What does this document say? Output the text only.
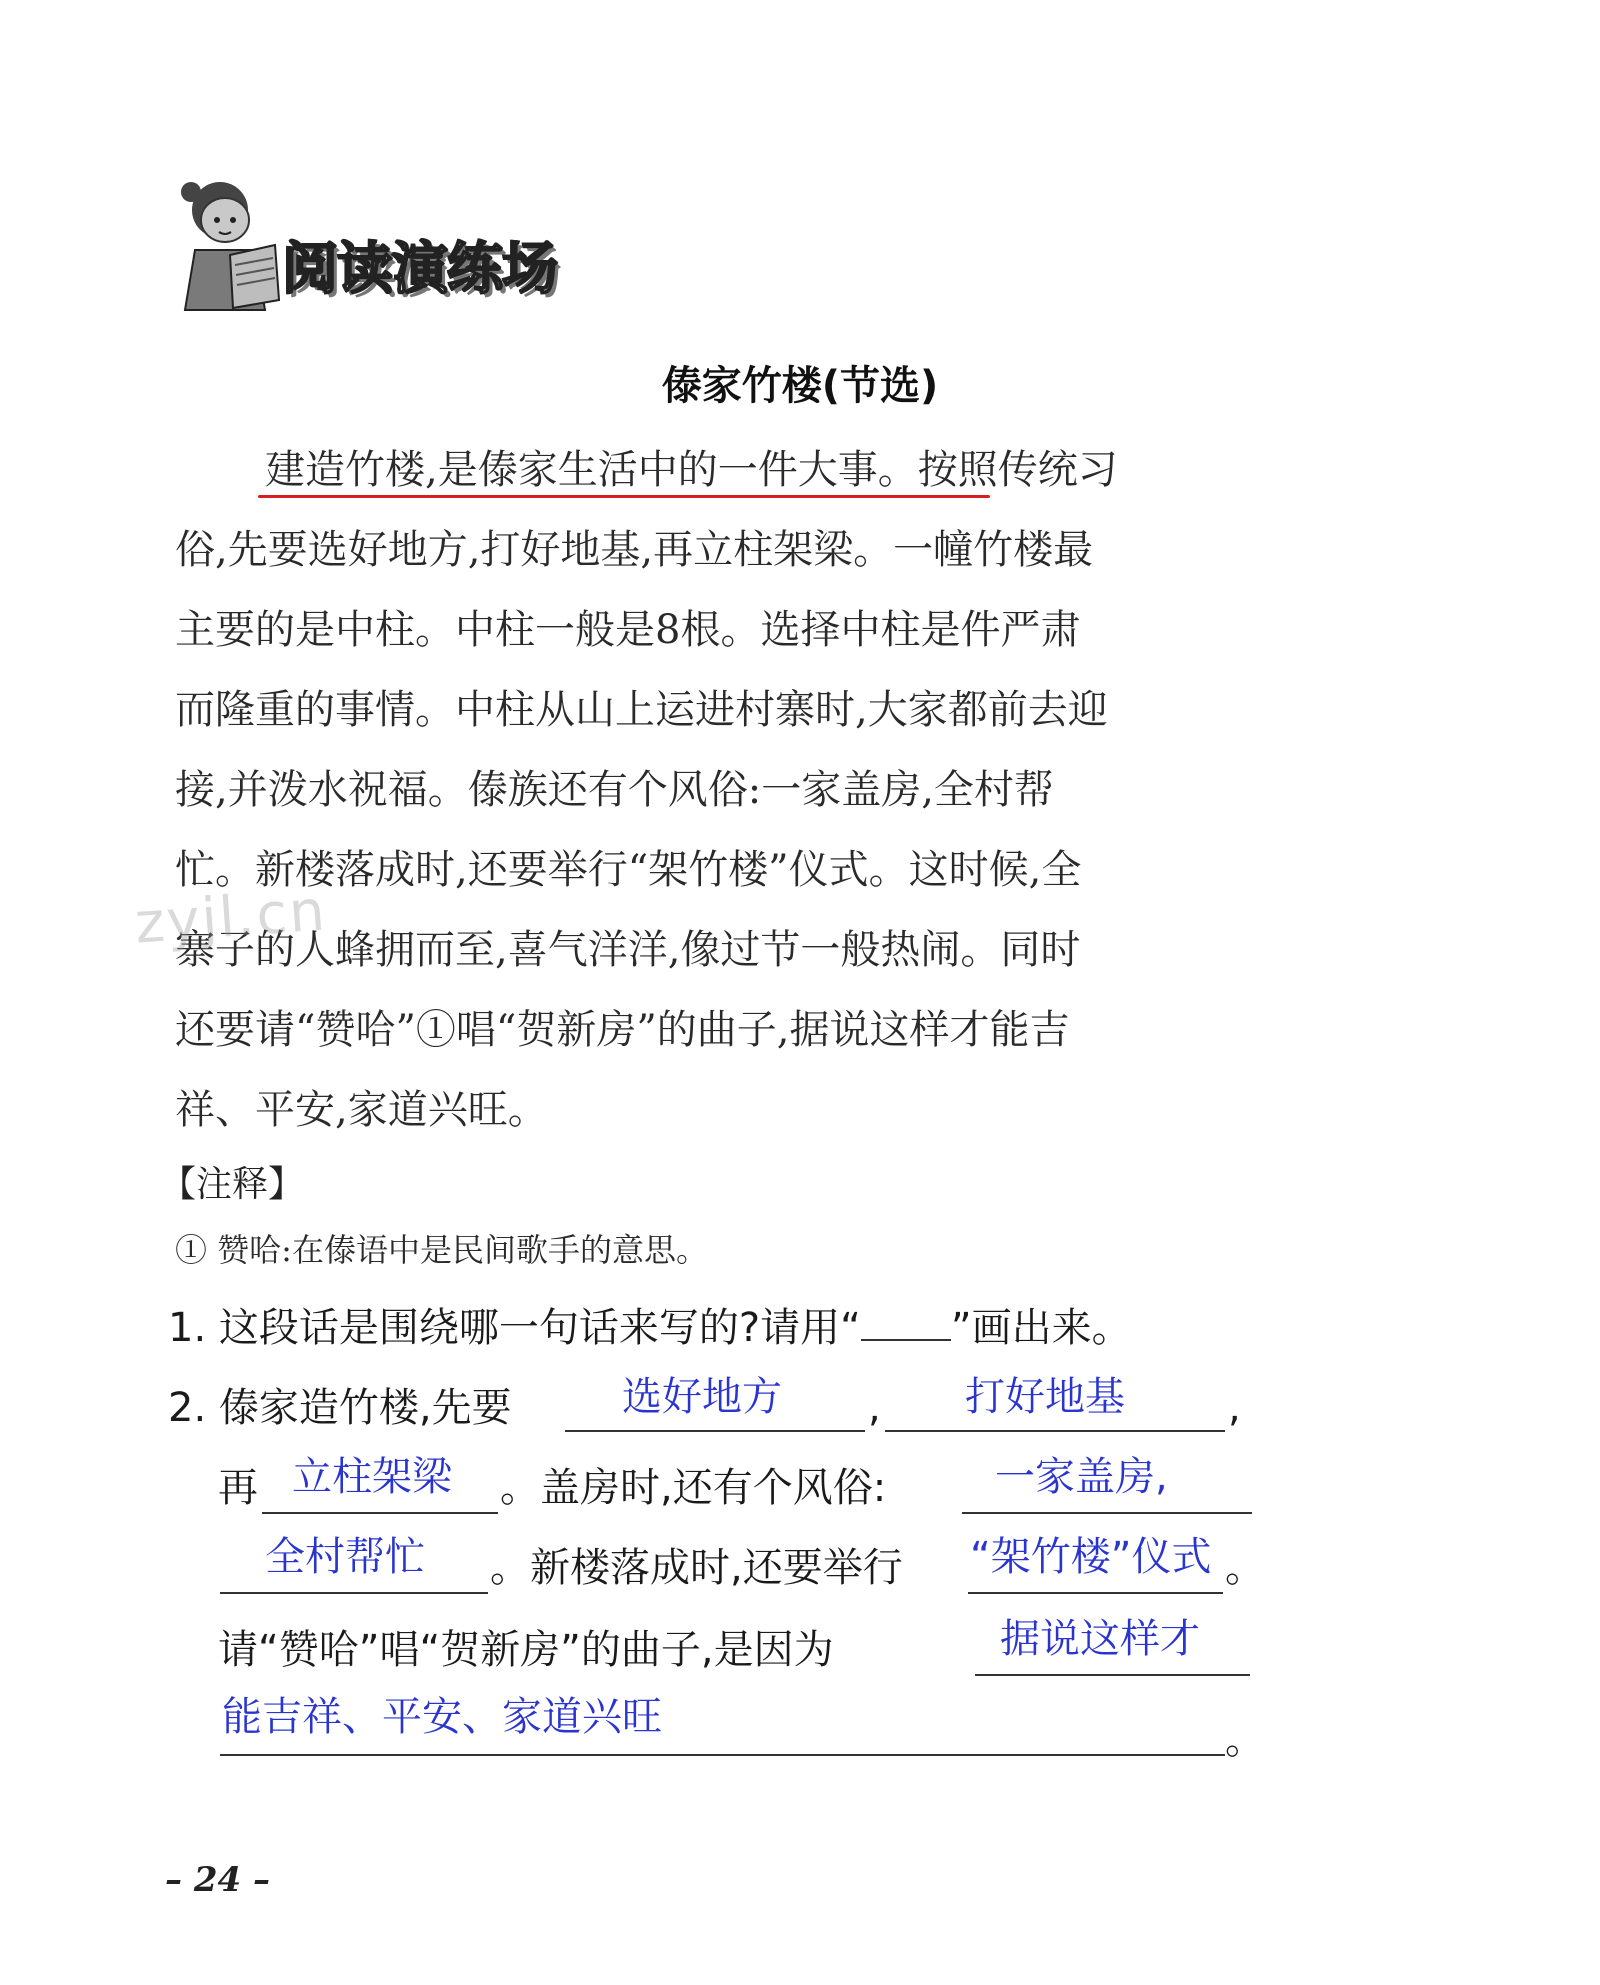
阅读演练场
傣家竹楼(节选)
建造竹楼,是傣家生活中的一件大事。按照传统习
俗,先要选好地方,打好地基,再立柱架梁。一幢竹楼最
主要的是中柱。中柱一般是8根。选择中柱是件严肃
而隆重的事情。中柱从山上运进村寨时,大家都前去迎
接,并泼水祝福。傣族还有个风俗:一家盖房,全村帮
忙。新楼落成时,还要举行“架竹楼”仪式。这时候,全
寨子的人蜂拥而至,喜气洋洋,像过节一般热闹。同时
还要请“赞哈”①唱“贺新房”的曲子,据说这样才能吉
祥、平安,家道兴旺。
zyjl.cn
【注释】
① 赞哈:在傣语中是民间歌手的意思。
1. 这段话是围绕哪一句话来写的?请用“ ”画出来。
2. 傣家造竹楼,先要	选好地方 , 打好地基	,
再 立柱架梁 。盖房时,还有个风俗:	一家盖房,
全村帮忙 。新楼落成时,还要举行 “架竹楼”仪式 。
请“赞哈”唱“贺新房”的曲子,是因为	据说这样才
能吉祥、平安、家道兴旺	。
– 24 –
